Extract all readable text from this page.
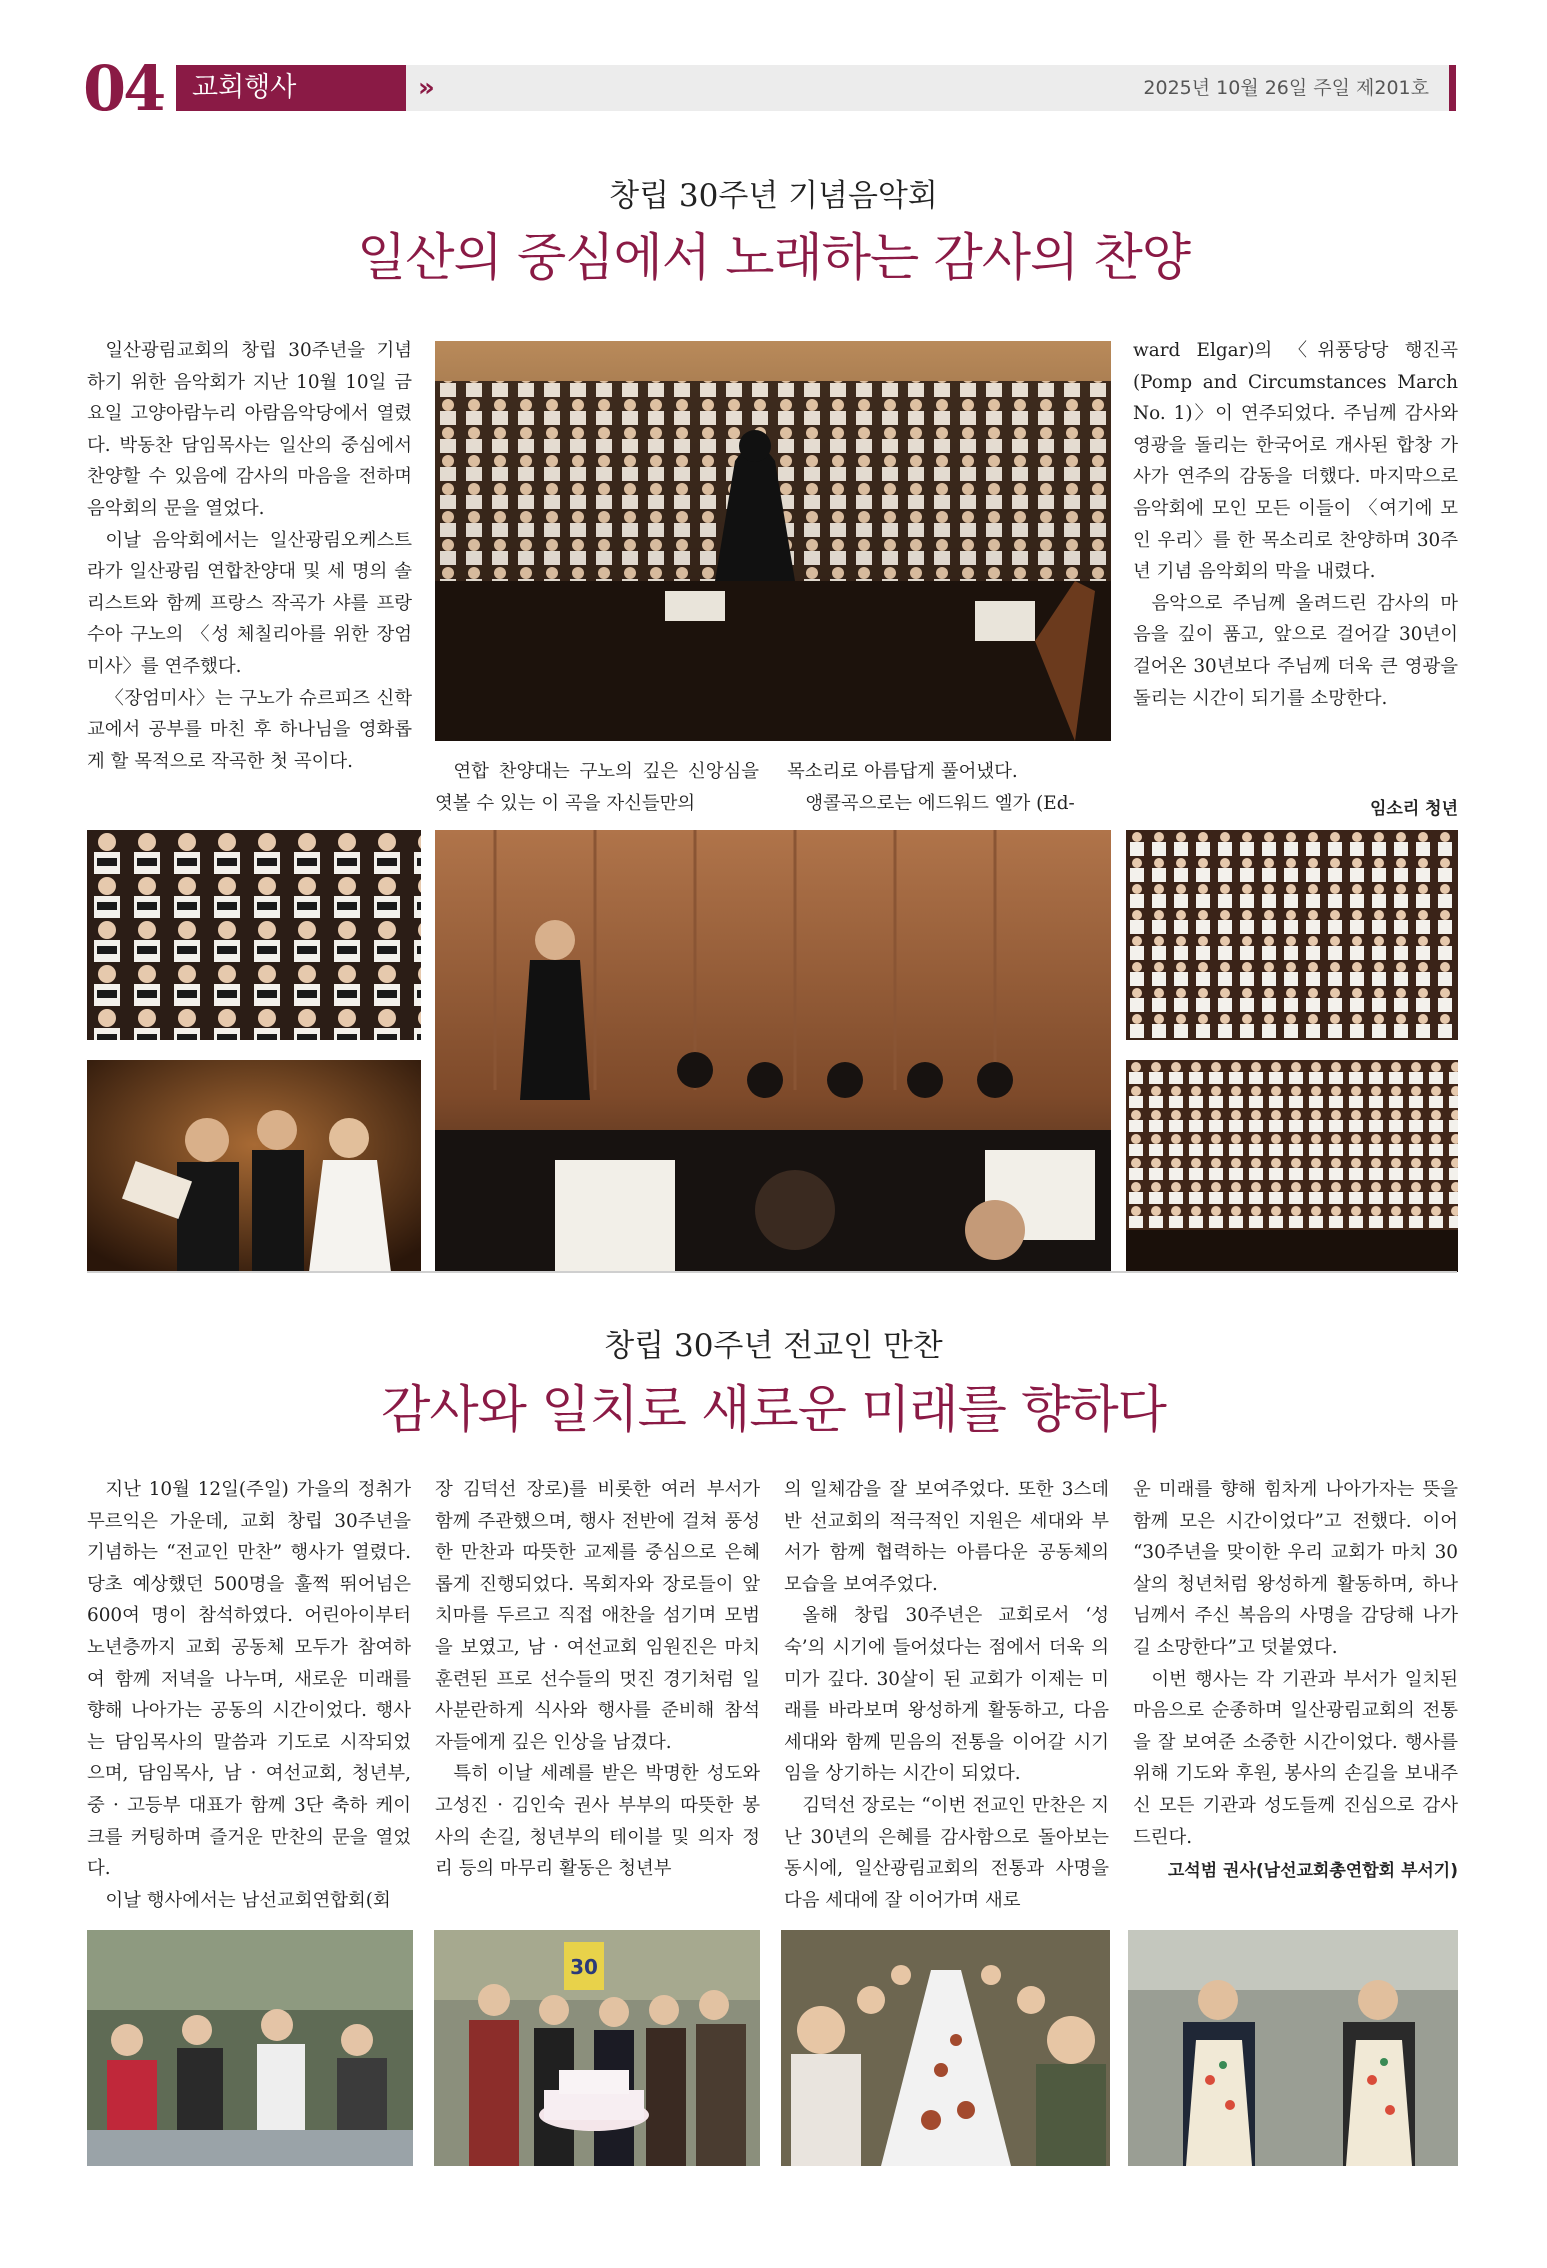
04	교회행사	»	2025년 10월 26일 주일 제201호
창립 30주년 기념음악회
일산의 중심에서 노래하는 감사의 찬양

일산광림교회의 창립 30주년을 기념하기 위한 음악회가 지난 10월 10일 금요일 고양아람누리 아람음악당에서 열렸다. 박동찬 담임목사는 일산의 중심에서 찬양할 수 있음에 감사의 마음을 전하며 음악회의 문을 열었다.

이날 음악회에서는 일산광림오케스트라가 일산광림 연합찬양대 및 세 명의 솔리스트와 함께 프랑스 작곡가 샤를 프랑수아 구노의 〈성 체칠리아를 위한 장엄미사〉를 연주했다.

〈장엄미사〉는 구노가 슈르피즈 신학교에서 공부를 마친 후 하나님을 영화롭게 할 목적으로 작곡한 첫 곡이다.	연합 찬양대는 구노의 깊은 신앙심을 엿볼 수 있는 이 곡을 자신들만의

목소리로 아름답게 풀어냈다.

앵콜곡으로는 에드워드 엘가 (Ed-

ward Elgar)의 〈위풍당당 행진곡 (Pomp and Circumstances March No. 1)〉이 연주되었다. 주님께 감사와 영광을 돌리는 한국어로 개사된 합창 가사가 연주의 감동을 더했다. 마지막으로 음악회에 모인 모든 이들이 〈여기에 모인 우리〉를 한 목소리로 찬양하며 30주년 기념 음악회의 막을 내렸다.

음악으로 주님께 올려드린 감사의 마음을 깊이 품고, 앞으로 걸어갈 30년이 걸어온 30년보다 주님께 더욱 큰 영광을 돌리는 시간이 되기를 소망한다.

임소리 청년
창립 30주년 전교인 만찬
감사와 일치로 새로운 미래를 향하다

지난 10월 12일(주일) 가을의 정취가 무르익은 가운데, 교회 창립 30주년을 기념하는 “전교인 만찬” 행사가 열렸다. 당초 예상했던 500명을 훌쩍 뛰어넘은 600여 명이 참석하였다. 어린아이부터 노년층까지 교회 공동체 모두가 참여하여 함께 저녁을 나누며, 새로운 미래를 향해 나아가는 공동의 시간이었다. 행사는 담임목사의 말씀과 기도로 시작되었으며, 담임목사, 남 · 여선교회, 청년부, 중 · 고등부 대표가 함께 3단 축하 케이크를 커팅하며 즐거운 만찬의 문을 열었다.

이날 행사에서는 남선교회연합회(회

장 김덕선 장로)를 비롯한 여러 부서가 함께 주관했으며, 행사 전반에 걸쳐 풍성한 만찬과 따뜻한 교제를 중심으로 은혜롭게 진행되었다. 목회자와 장로들이 앞치마를 두르고 직접 애찬을 섬기며 모범을 보였고, 남 · 여선교회 임원진은 마치 훈련된 프로 선수들의 멋진 경기처럼 일사분란하게 식사와 행사를 준비해 참석자들에게 깊은 인상을 남겼다.

특히 이날 세례를 받은 박명한 성도와 고성진 · 김인숙 권사 부부의 따뜻한 봉사의 손길, 청년부의 테이블 및 의자 정리 등의 마무리 활동은 청년부

의 일체감을 잘 보여주었다. 또한 3스데반 선교회의 적극적인 지원은 세대와 부서가 함께 협력하는 아름다운 공동체의 모습을 보여주었다.

올해 창립 30주년은 교회로서 ‘성숙’의 시기에 들어섰다는 점에서 더욱 의미가 깊다. 30살이 된 교회가 이제는 미래를 바라보며 왕성하게 활동하고, 다음 세대와 함께 믿음의 전통을 이어갈 시기임을 상기하는 시간이 되었다.

김덕선 장로는 “이번 전교인 만찬은 지난 30년의 은혜를 감사함으로 돌아보는 동시에, 일산광림교회의 전통과 사명을 다음 세대에 잘 이어가며 새로

운 미래를 향해 힘차게 나아가자는 뜻을 함께 모은 시간이었다”고 전했다. 이어 “30주년을 맞이한 우리 교회가 마치 30살의 청년처럼 왕성하게 활동하며, 하나님께서 주신 복음의 사명을 감당해 나가길 소망한다”고 덧붙였다.

이번 행사는 각 기관과 부서가 일치된 마음으로 순종하며 일산광림교회의 전통을 잘 보여준 소중한 시간이었다. 행사를 위해 기도와 후원, 봉사의 손길을 보내주신 모든 기관과 성도들께 진심으로 감사드린다.

고석범 권사(남선교회총연합회 부서기)
30
